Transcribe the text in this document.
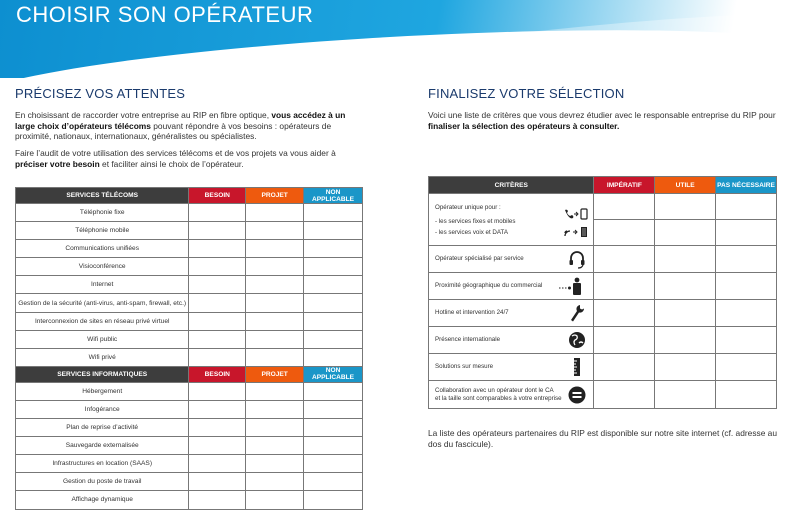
CHOISIR SON OPÉRATEUR
PRÉCISEZ VOS ATTENTES
En choisissant de raccorder votre entreprise au RIP en fibre optique, vous accédez à un large choix d’opérateurs télécoms pouvant répondre à vos besoins : opérateurs de proximité, nationaux, internationaux, généralistes ou spécialistes.
Faire l’audit de votre utilisation des services télécoms et de vos projets va vous aider à préciser votre besoin et faciliter ainsi le choix de l’opérateur.
SERVICES TÉLÉCOMS	BESOIN	PROJET	NON APPLICABLE
Téléphonie fixe			
Téléphonie mobile			
Communications unifiées			
Visioconférence			
Internet			
Gestion de la sécurité (anti-virus, anti-spam, firewall, etc.)			
Interconnexion de sites en réseau privé virtuel			
Wifi public			
Wifi privé			
SERVICES INFORMATIQUES	BESOIN	PROJET	NON APPLICABLE
Hébergement			
Infogérance			
Plan de reprise d’activité			
Sauvegarde externalisée			
Infrastructures en location (SAAS)			
Gestion du poste de travail			
Affichage dynamique			
FINALISEZ VOTRE SÉLECTION
Voici une liste de critères que vous devrez étudier avec le responsable entreprise du RIP pour finaliser la sélection des opérateurs à consulter.
CRITÈRES	IMPÉRATIF	UTILE	PAS NÉCESSAIRE

Opérateur unique pour :
- les services fixes et mobiles
- les services voix et DATA			

Opérateur spécialisé par service			

Proximité géographique du commercial			

Hotline et intervention 24/7			

Présence internationale			

Solutions sur mesure			

Collaboration avec un opérateur dont le CA
et la taille sont comparables à votre entreprise			

La liste des opérateurs partenaires du RIP est disponible sur notre site internet (cf. adresse au dos du fascicule).
